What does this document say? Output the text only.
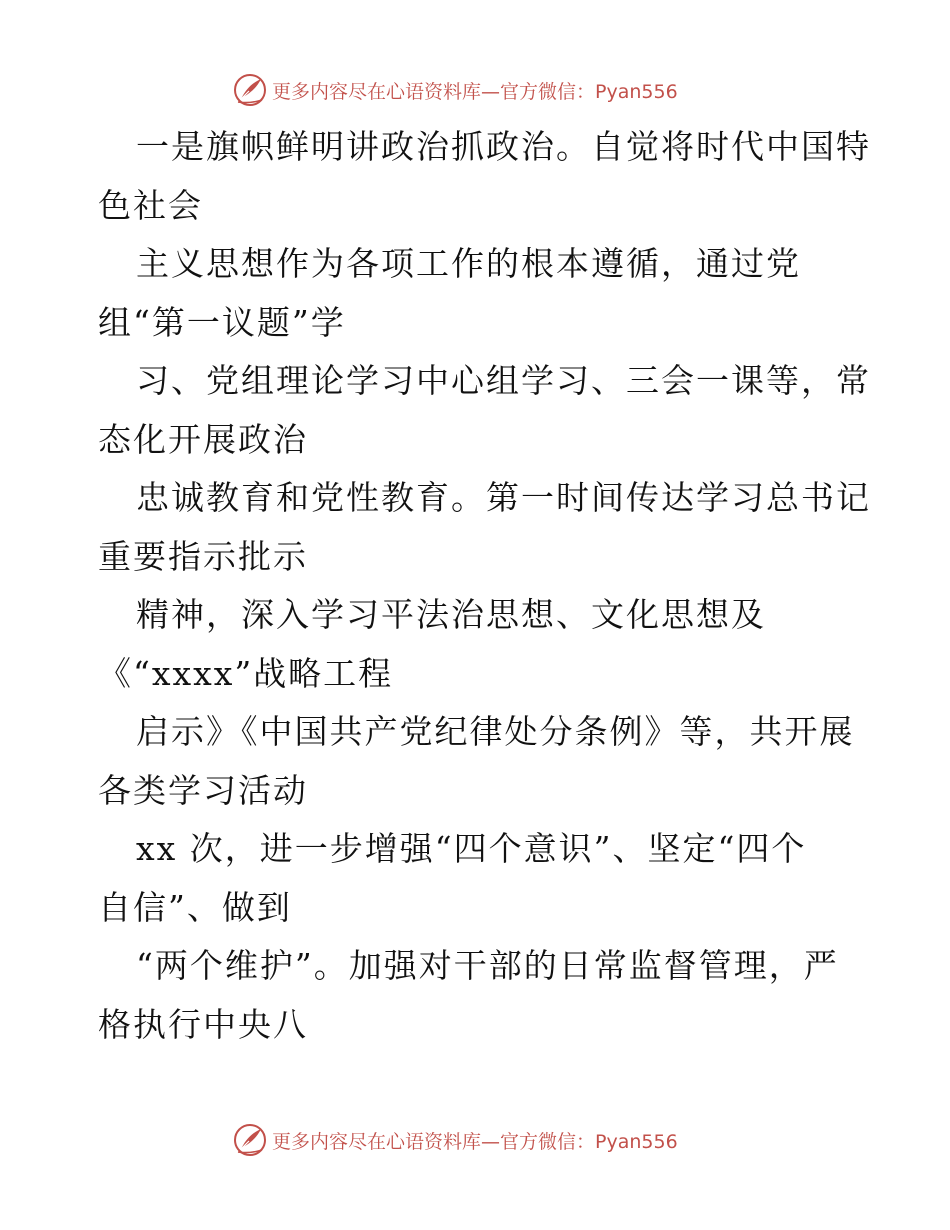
更多内容尽在心语资料库—官方微信：Pyan556
一是旗帜鲜明讲政治抓政治。自觉将时代中国特
色社会
主义思想作为各项工作的根本遵循，通过党
组“第一议题”学
习、党组理论学习中心组学习、三会一课等，常
态化开展政治
忠诚教育和党性教育。第一时间传达学习总书记
重要指示批示
精神，深入学习平法治思想、文化思想及
《“xxxx”战略工程
启示》《中国共产党纪律处分条例》等，共开展
各类学习活动
xx 次，进一步增强“四个意识”、坚定“四个
自信”、做到
“两个维护”。加强对干部的日常监督管理，严
格执行中央八
更多内容尽在心语资料库—官方微信：Pyan556
